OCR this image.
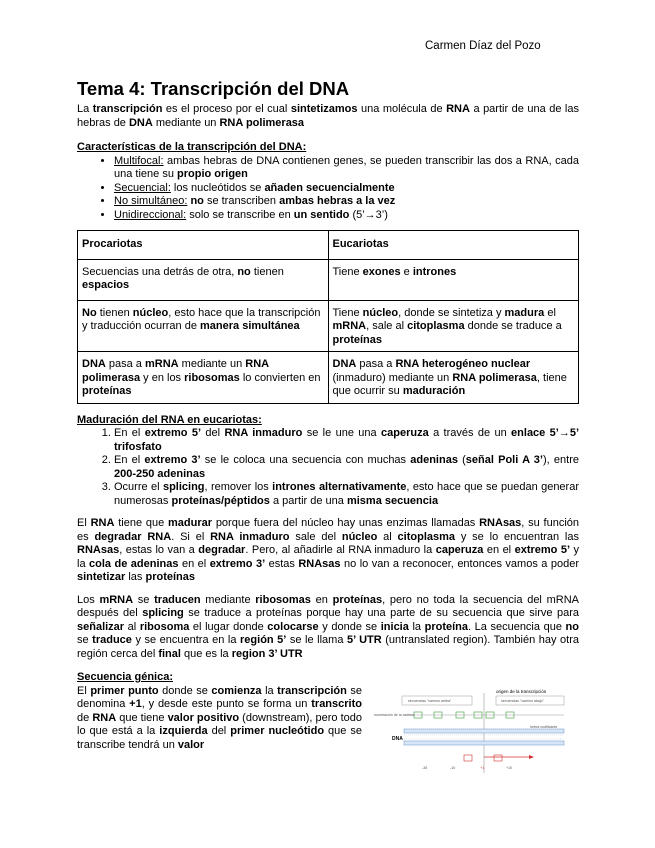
Carmen Díaz del Pozo
Tema 4: Transcripción del DNA

La transcripción es el proceso por el cual sintetizamos una molécula de RNA a partir de una de las hebras de DNA mediante un RNA polimerasa

Características de la transcripción del DNA:
• Multifocal: ambas hebras de DNA contienen genes, se pueden transcribir las dos a RNA, cada una tiene su propio origen
• Secuencial: los nucleótidos se añaden secuencialmente
• No simultáneo: no se transcriben ambas hebras a la vez
• Unidireccional: solo se transcribe en un sentido (5’→3’)
Procariotas	Eucariotas
Secuencias una detrás de otra, no tienen espacios	Tiene exones e intrones
No tienen núcleo, esto hace que la transcripción y traducción ocurran de manera simultánea	Tiene núcleo, donde se sintetiza y madura el mRNA, sale al citoplasma donde se traduce a proteínas
DNA pasa a mRNA mediante un RNA polimerasa y en los ribosomas lo convierten en proteínas	DNA pasa a RNA heterogéneo nuclear (inmaduro) mediante un RNA polimerasa, tiene que ocurrir su maduración
Maduración del RNA en eucariotas:
1. En el extremo 5’ del RNA inmaduro se le une una caperuza a través de un enlace 5’→5’ trifosfato
2. En el extremo 3’ se le coloca una secuencia con muchas adeninas (señal Poli A 3’), entre 200-250 adeninas
3. Ocurre el splicing, remover los intrones alternativamente, esto hace que se puedan generar numerosas proteínas/péptidos a partir de una misma secuencia

El RNA tiene que madurar porque fuera del núcleo hay unas enzimas llamadas RNAsas, su función es degradar RNA. Si el RNA inmaduro sale del núcleo al citoplasma y se lo encuentran las RNAsas, estas lo van a degradar. Pero, al añadirle al RNA inmaduro la caperuza en el extremo 5’ y la cola de adeninas en el extremo 3’ estas RNAsas no lo van a reconocer, entonces vamos a poder sintetizar las proteínas

Los mRNA se traducen mediante ribosomas en proteínas, pero no toda la secuencia del mRNA después del splicing se traduce a proteínas porque hay una parte de su secuencia que sirve para señalizar al ribosoma el lugar donde colocarse y donde se inicia la proteína. La secuencia que no se traduce y se encuentra en la región 5’ se le llama 5’ UTR (untranslated region). También hay otra región cerca del final que es la region 3’ UTR

Secuencia génica:

El primer punto donde se comienza la transcripción se denomina +1, y desde este punto se forma un transcrito de RNA que tiene valor positivo (downstream), pero todo lo que está a la izquierda del primer nucleótido que se transcribe tendrá un valor

origen de la transcripción
secuencias "camino arriba"	secuencias "camino abajo"
numeración de la cadena
DNA
hebra codificante
+1
-10
-35	+10
